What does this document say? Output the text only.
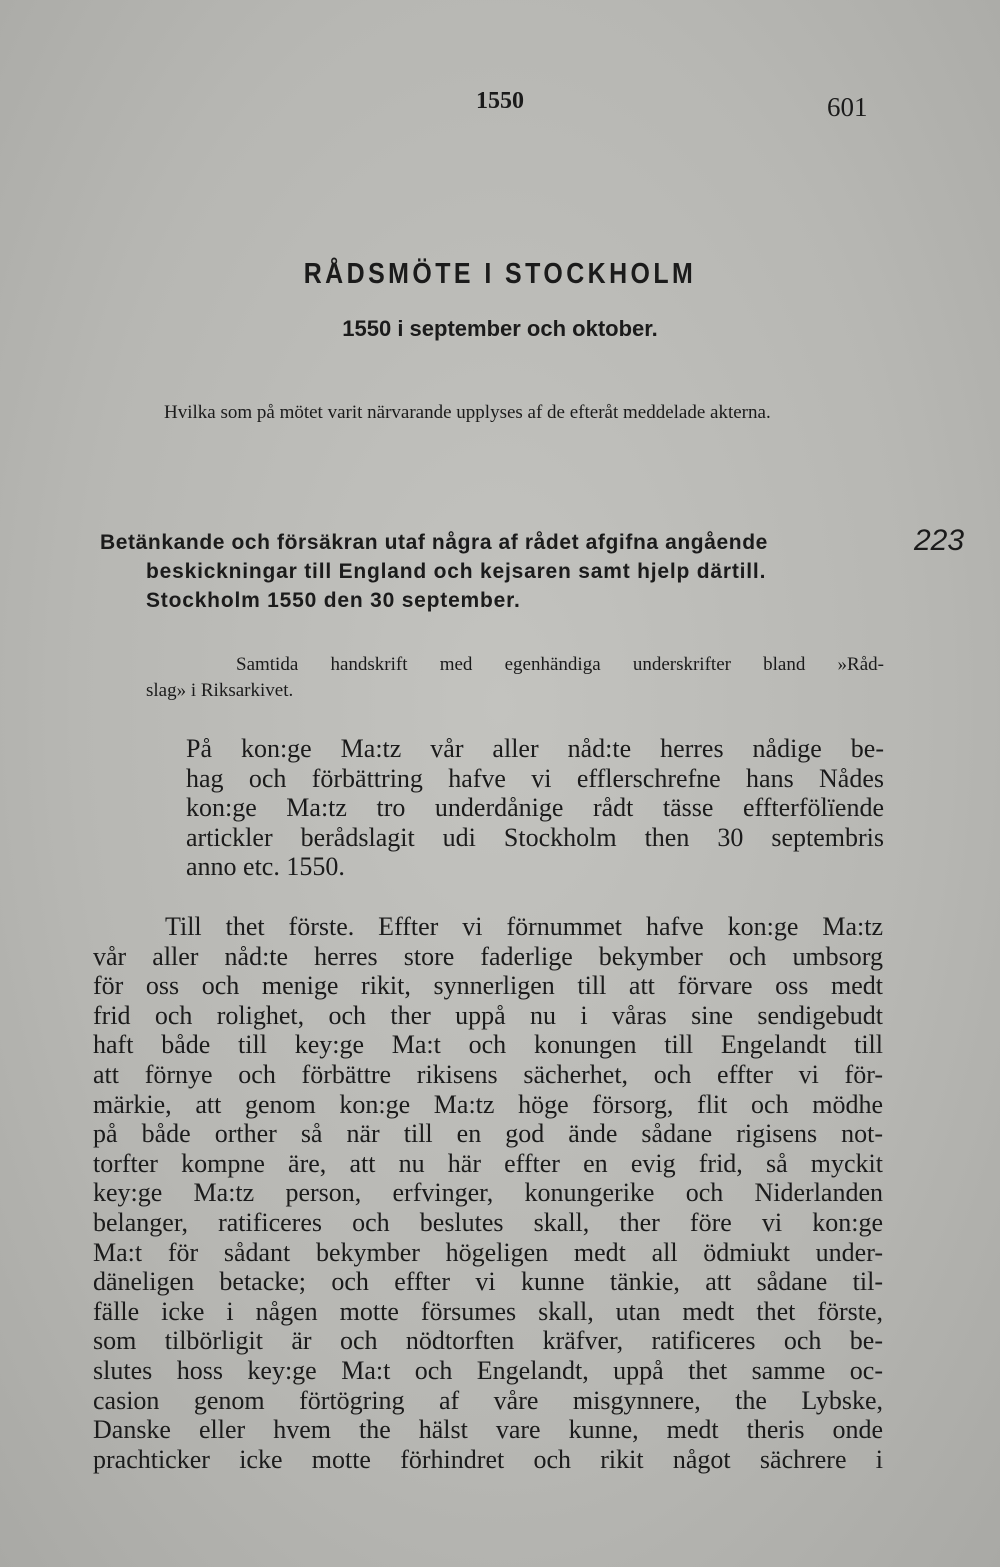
1550	601
RÅDSMÖTE I STOCKHOLM
1550 i september och oktober.
Hvilka som på mötet varit närvarande upplyses af de efteråt meddelade akterna.
Betänkande och försäkran utaf några af rådet afgifna angående
beskickningar till England och kejsaren samt hjelp därtill.
Stockholm 1550 den 30 september.
223
Samtida handskrift med egenhändiga underskrifter bland »Råd-
slag» i Riksarkivet.
På kon:ge Ma:tz vår aller nåd:te herres nådige be-
hag och förbättring hafve vi efflerschrefne hans Nådes
kon:ge Ma:tz tro underdånige rådt tässe effterfölïende
artickler berådslagit udi Stockholm then 30 septembris
anno etc. 1550.
Till thet förste. Effter vi förnummet hafve kon:ge Ma:tz
vår aller nåd:te herres store faderlige bekymber och umbsorg
för oss och menige rikit, synnerligen till att förvare oss medt
frid och rolighet, och ther uppå nu i våras sine sendigebudt
haft både till key:ge Ma:t och konungen till Engelandt till
att förnye och förbättre rikisens sächerhet, och effter vi för-
märkie, att genom kon:ge Ma:tz höge försorg, flit och mödhe
på både orther så när till en god ände sådane rigisens not-
torfter kompne äre, att nu här effter en evig frid, så myckit
key:ge Ma:tz person, erfvinger, konungerike och Niderlanden
belanger, ratificeres och beslutes skall, ther före vi kon:ge
Ma:t för sådant bekymber högeligen medt all ödmiukt under-
däneligen betacke; och effter vi kunne tänkie, att sådane til-
fälle icke i någen motte försumes skall, utan medt thet förste,
som tilbörligit är och nödtorften kräfver, ratificeres och be-
slutes hoss key:ge Ma:t och Engelandt, uppå thet samme oc-
casion genom förtögring af våre misgynnere, the Lybske,
Danske eller hvem the hälst vare kunne, medt theris onde
prachticker icke motte förhindret och rikit något sächrere i
